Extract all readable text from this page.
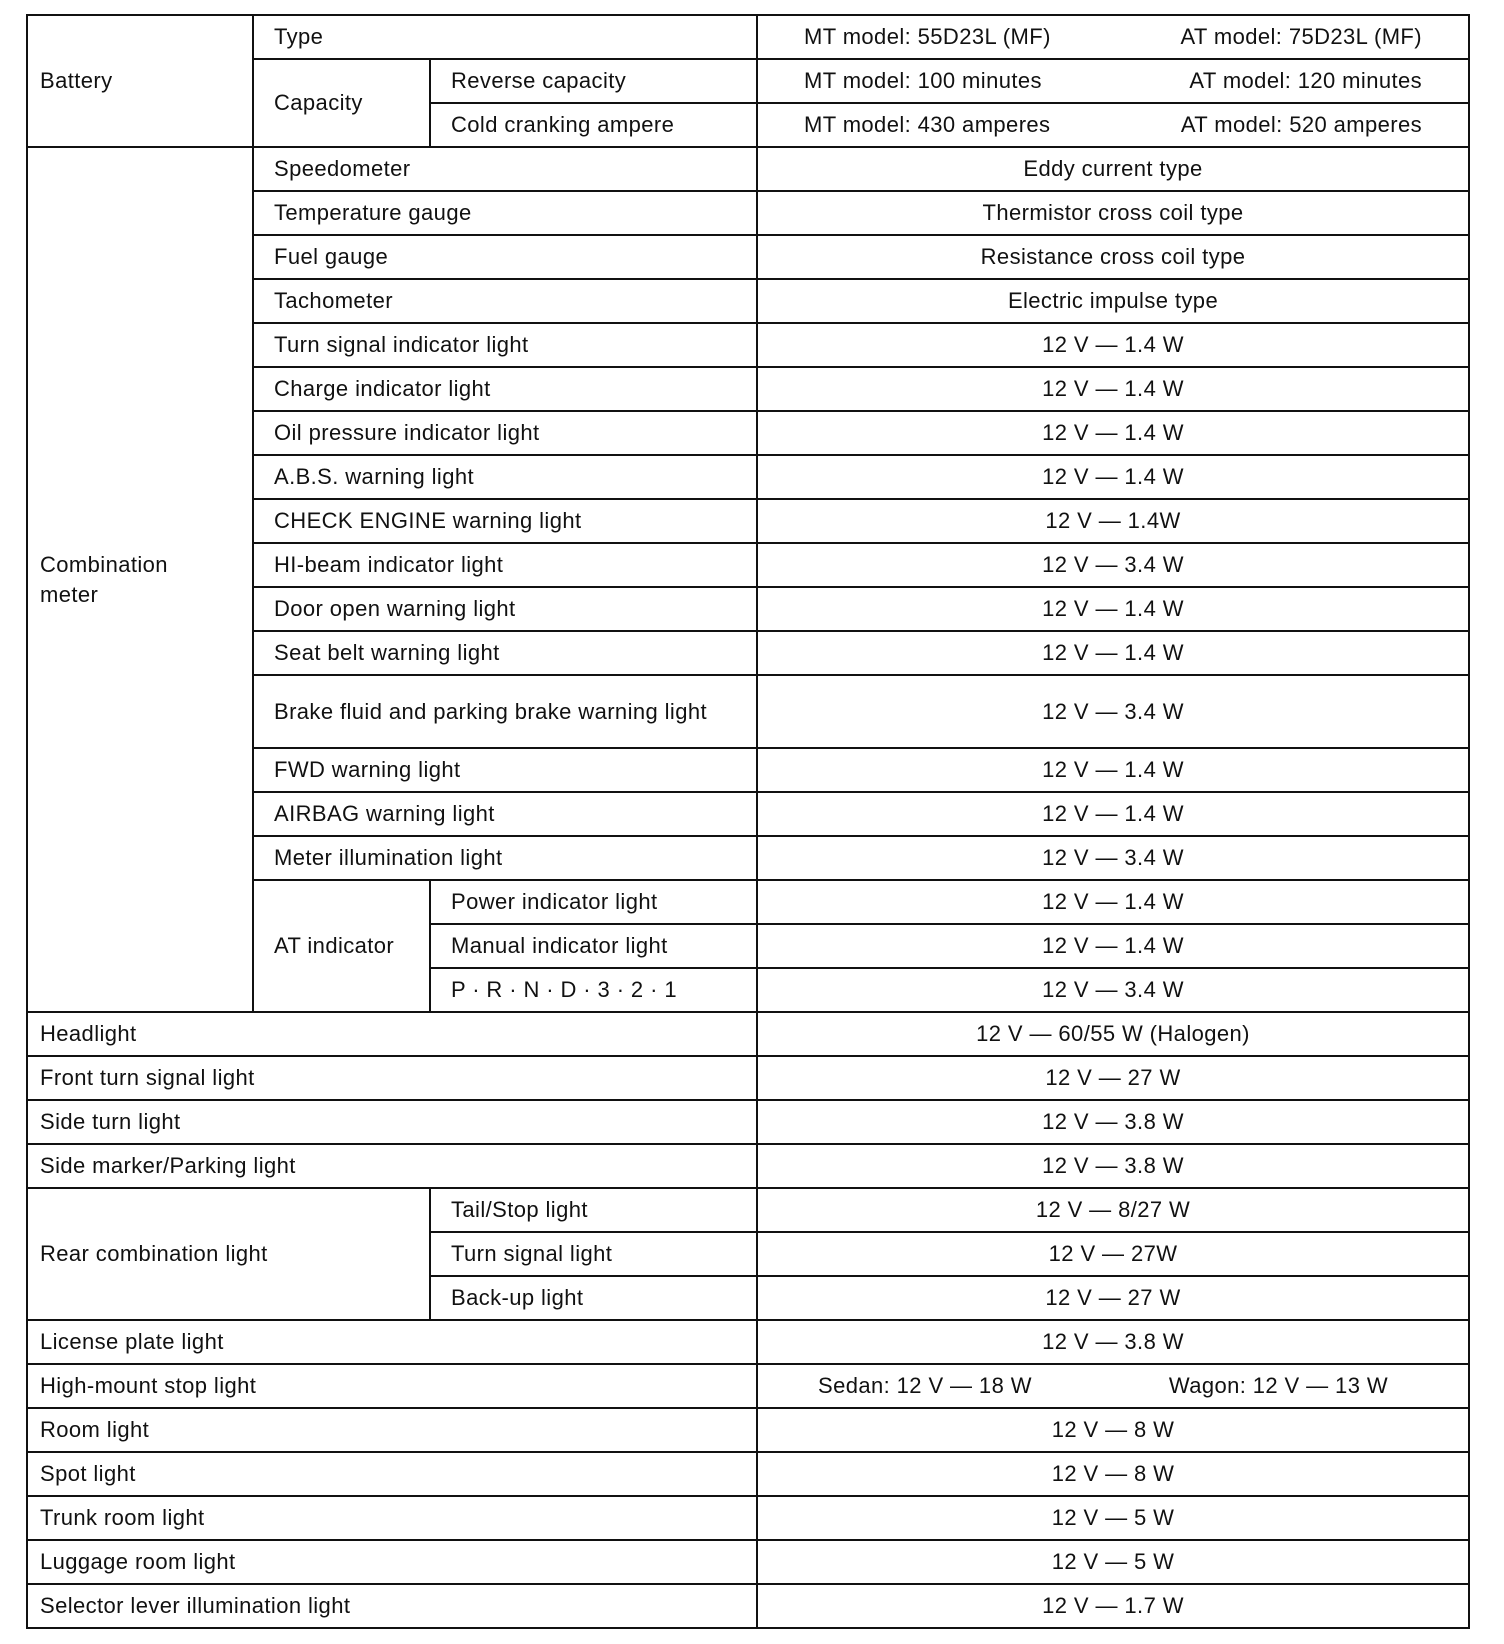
Battery	Type		MT model: 55D23L (MF) AT model: 75D23L (MF)

	Capacity	Reverse capacity	MT model: 100 minutes AT model: 120 minutes

		Cold cranking ampere	MT model: 430 amperes AT model: 520 amperes

Combination meter	Speedometer		Eddy current type
	Temperature gauge		Thermistor cross coil type
	Fuel gauge		Resistance cross coil type
	Tachometer		Electric impulse type
	Turn signal indicator light		12 V — 1.4 W
	Charge indicator light		12 V — 1.4 W
	Oil pressure indicator light		12 V — 1.4 W
	A.B.S. warning light		12 V — 1.4 W
	CHECK ENGINE warning light		12 V — 1.4W
	HI-beam indicator light		12 V — 3.4 W
	Door open warning light		12 V — 1.4 W
	Seat belt warning light		12 V — 1.4 W
	Brake fluid and parking brake warning light		12 V — 3.4 W
	FWD warning light		12 V — 1.4 W
	AIRBAG warning light		12 V — 1.4 W
	Meter illumination light		12 V — 3.4 W
	AT indicator	Power indicator light	12 V — 1.4 W
		Manual indicator light	12 V — 1.4 W
		P · R · N · D · 3 · 2 · 1	12 V — 3.4 W
Headlight			12 V — 60/55 W (Halogen)
Front turn signal light			12 V — 27 W
Side turn light			12 V — 3.8 W
Side marker/Parking light			12 V — 3.8 W
Rear combination light		Tail/Stop light	12 V — 8/27 W
		Turn signal light	12 V — 27W
		Back-up light	12 V — 27 W
License plate light			12 V — 3.8 W
High-mount stop light			Sedan: 12 V — 18 W Wagon: 12 V — 13 W

Room light			12 V — 8 W
Spot light			12 V — 8 W
Trunk room light			12 V — 5 W
Luggage room light			12 V — 5 W
Selector lever illumination light			12 V — 1.7 W
